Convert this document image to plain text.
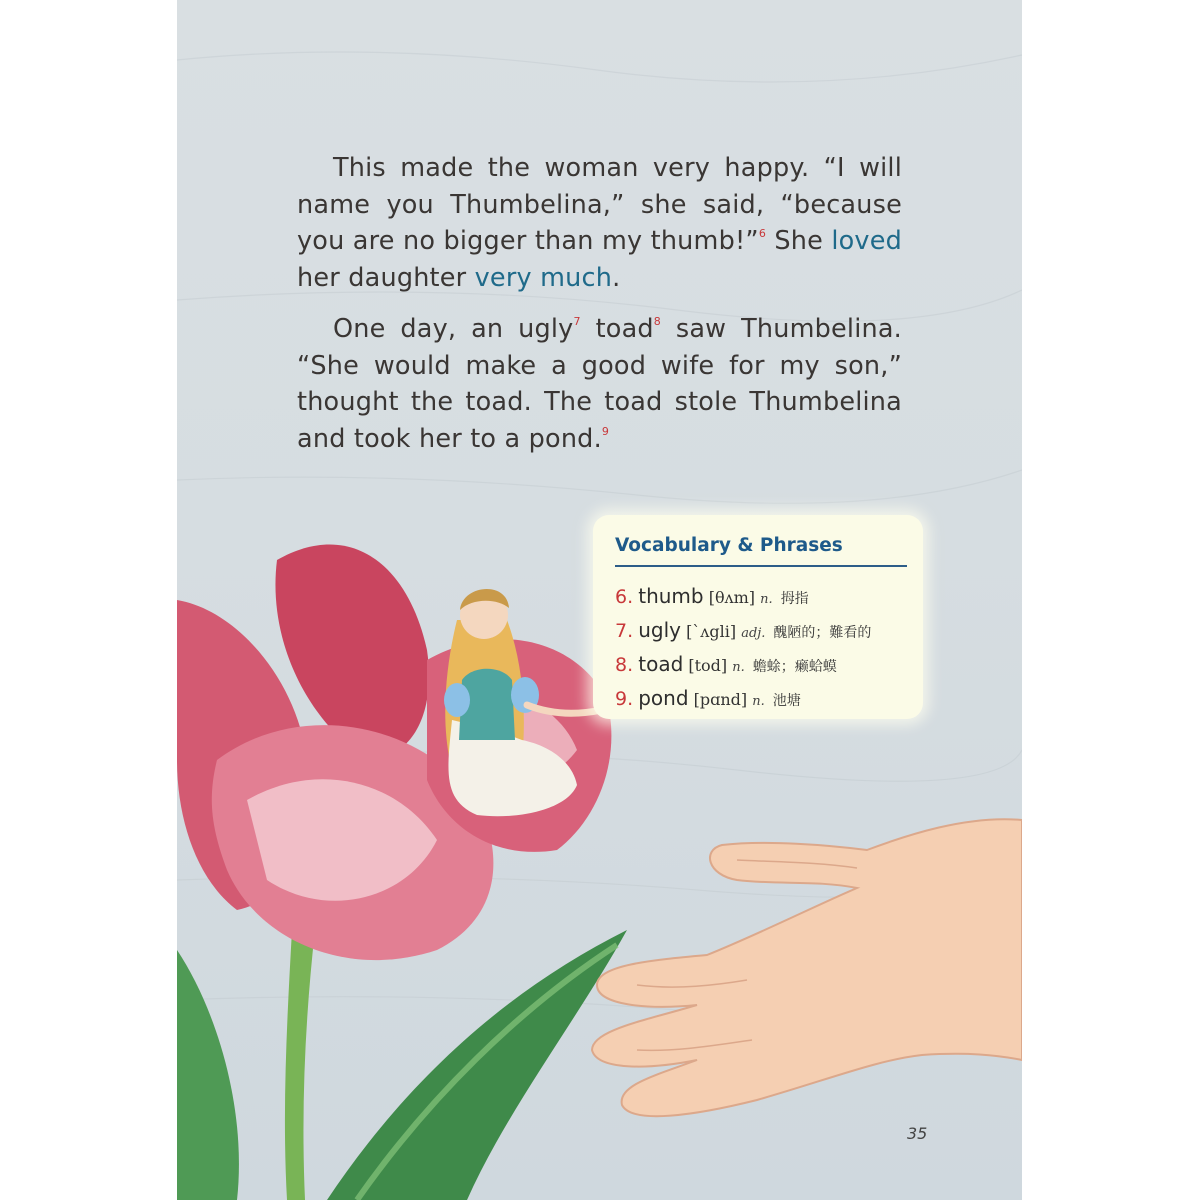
This made the woman very happy. “I will name you Thumbelina,” she said, “because you are no bigger than my thumb!”$^6$ She loved her daughter very much.

One day, an ugly$^7$ toad$^8$ saw Thumbelina. “She would make a good wife for my son,” thought the toad. The toad stole Thumbelina and took her to a pond.$^9$

Vocabulary & Phrases
6. thumb [θʌm] n. 拇指
7. ugly [ˋʌgli] adj. 醜陋的；難看的
8. toad [tod] n. 蟾蜍；癞蛤蟆
9. pond [pɑnd] n. 池塘
35
